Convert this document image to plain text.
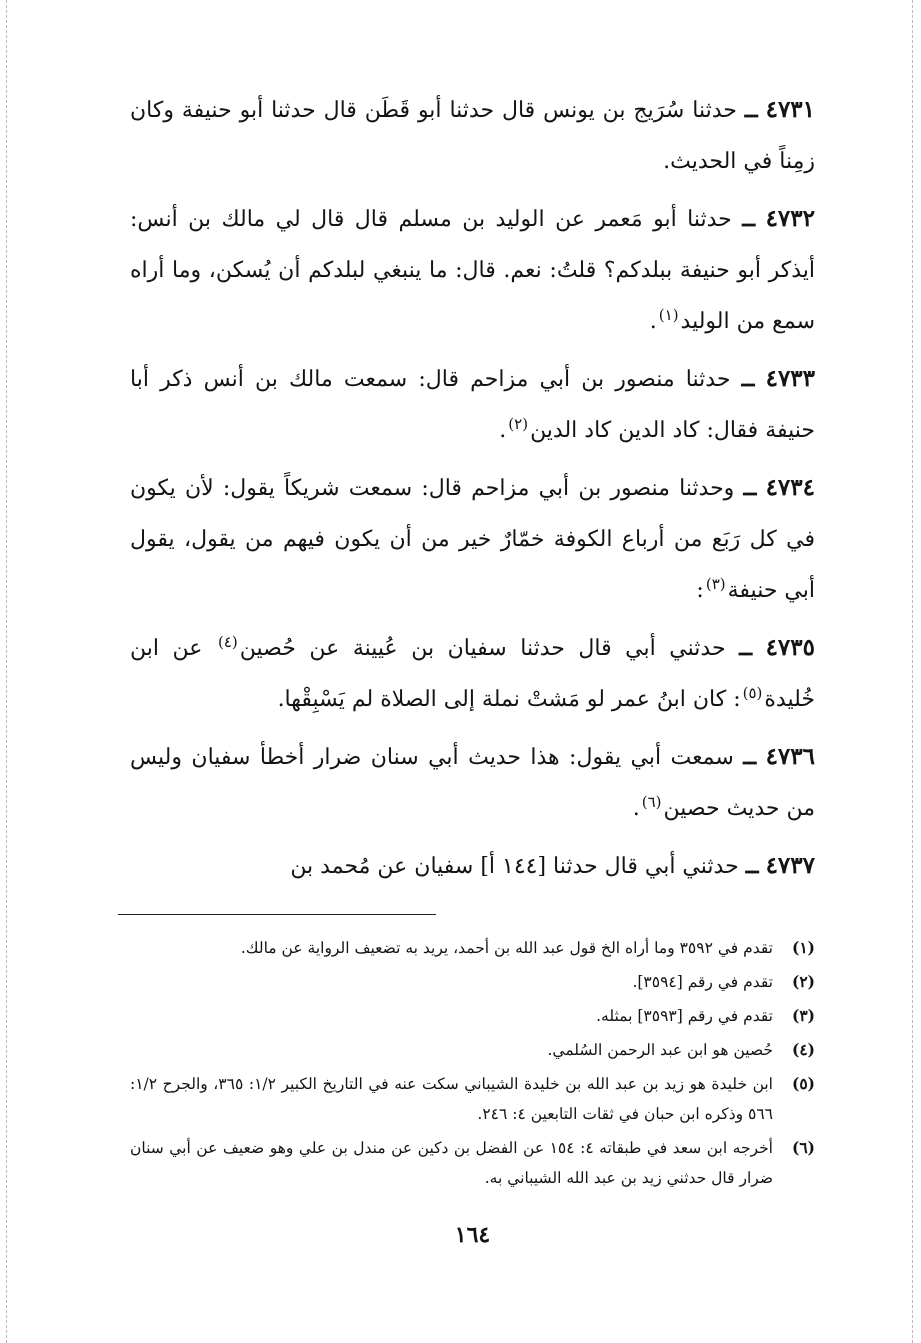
٤٧٣١ ــ حدثنا سُرَيج بن يونس قال حدثنا أبو قَطَن قال حدثنا أبو حنيفة وكان زمِناً في الحديث.

٤٧٣٢ ــ حدثنا أبو مَعمر عن الوليد بن مسلم قال قال لي مالك بن أنس: أيذكر أبو حنيفة ببلدكم؟ قلتُ: نعم. قال: ما ينبغي لبلدكم أن يُسكن، وما أراه سمع من الوليد$^{(١)}$.

٤٧٣٣ ــ حدثنا منصور بن أبي مزاحم قال: سمعت مالك بن أنس ذكر أبا حنيفة فقال: كاد الدين كاد الدين$^{(٢)}$.

٤٧٣٤ ــ وحدثنا منصور بن أبي مزاحم قال: سمعت شريكاً يقول: لأن يكون في كل رَبَع من أرباع الكوفة خمّارٌ خير من أن يكون فيهم من يقول، يقول أبي حنيفة$^{(٣)}$:

٤٧٣٥ ــ حدثني أبي قال حدثنا سفيان بن عُيينة عن حُصين$^{(٤)}$ عن ابن خُليدة$^{(٥)}$: كان ابنُ عمر لو مَشتْ نملة إلى الصلاة لم يَسْبِقْها.

٤٧٣٦ ــ سمعت أبي يقول: هذا حديث أبي سنان ضرار أخطأ سفيان وليس من حديث حصين$^{(٦)}$.

٤٧٣٧ ــ حدثني أبي قال حدثنا [١٤٤ أ] سفيان عن مُحمد بن

(١)
تقدم في ٣٥٩٢ وما أراه الخ قول عبد الله بن أحمد، يريد به تضعيف الرواية عن مالك.
(٢)
تقدم في رقم [٣٥٩٤].
(٣)
تقدم في رقم [٣٥٩٣] بمثله.
(٤)
حُصين هو ابن عبد الرحمن السُلمي.
(٥)
ابن خليدة هو زيد بن عبد الله بن خليدة الشيباني سكت عنه في التاريخ الكبير ١/٢: ٣٦٥، والجرح ١/٢: ٥٦٦ وذكره ابن حبان في ثقات التابعين ٤: ٢٤٦.
(٦)
أخرجه ابن سعد في طبقاته ٤: ١٥٤ عن الفضل بن دكين عن مندل بن علي وهو ضعيف عن أبي سنان ضرار قال حدثني زيد بن عبد الله الشيباني به.
١٦٤
